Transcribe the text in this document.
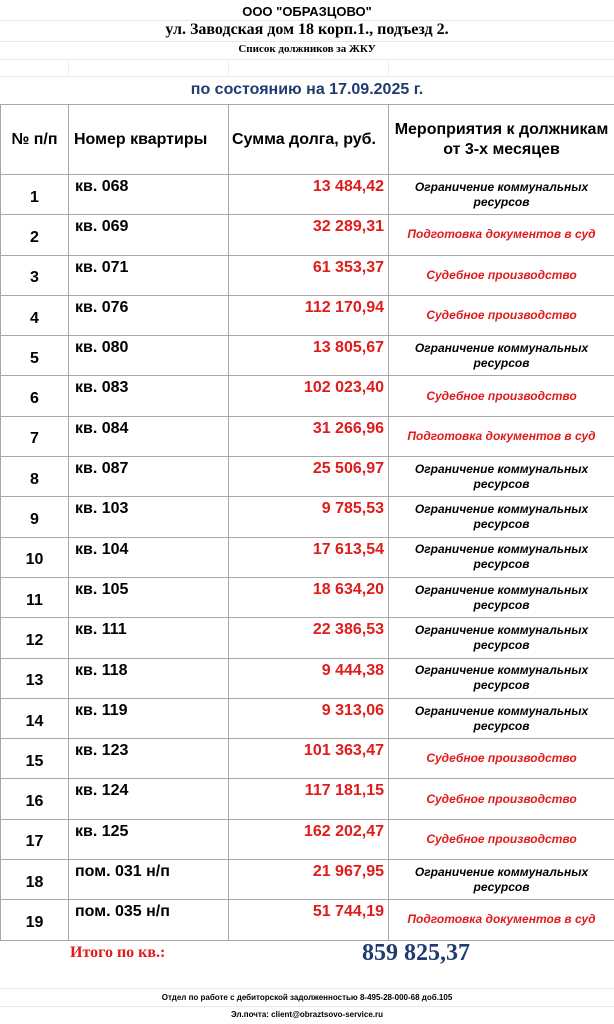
ООО "ОБРАЗЦОВО"
ул. Заводская дом 18 корп.1., подъезд 2.
Список должников за ЖКУ
по состоянию на 17.09.2025 г.
№ п/п	Номер квартиры	Сумма долга, руб.	Мероприятия к должникам от 3-х месяцев
1	кв. 068	13 484,42	Ограничение коммунальных ресурсов
2	кв. 069	32 289,31	Подготовка документов в суд
3	кв. 071	61 353,37	Судебное производство
4	кв. 076	112 170,94	Судебное производство
5	кв. 080	13 805,67	Ограничение коммунальных ресурсов
6	кв. 083	102 023,40	Судебное производство
7	кв. 084	31 266,96	Подготовка документов в суд
8	кв. 087	25 506,97	Ограничение коммунальных ресурсов
9	кв. 103	9 785,53	Ограничение коммунальных ресурсов
10	кв. 104	17 613,54	Ограничение коммунальных ресурсов
11	кв. 105	18 634,20	Ограничение коммунальных ресурсов
12	кв. 111	22 386,53	Ограничение коммунальных ресурсов
13	кв. 118	9 444,38	Ограничение коммунальных ресурсов
14	кв. 119	9 313,06	Ограничение коммунальных ресурсов
15	кв. 123	101 363,47	Судебное производство
16	кв. 124	117 181,15	Судебное производство
17	кв. 125	162 202,47	Судебное производство
18	пом. 031 н/п	21 967,95	Ограничение коммунальных ресурсов
19	пом. 035 н/п	51 744,19	Подготовка документов в суд
Итого по кв.:	859 825,37
Отдел по работе с дебиторской задолженностью 8-495-28-000-68 доб.105
Эл.почта: client@obraztsovo-service.ru
